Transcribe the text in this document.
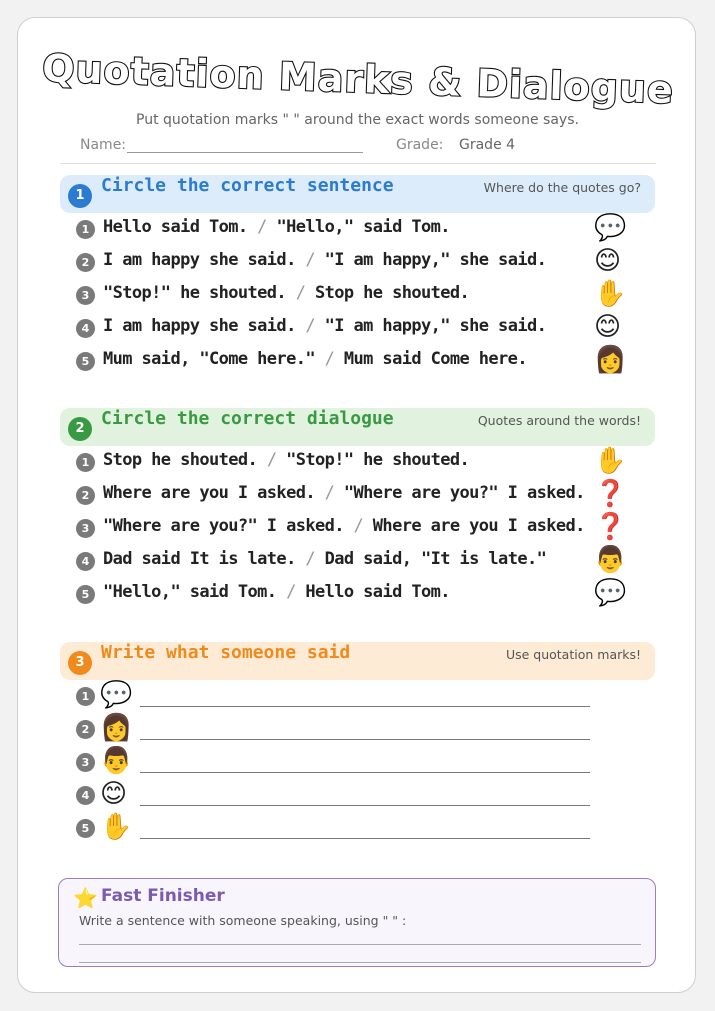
Quotation Marks & Dialogue
Put quotation marks " " around the exact words someone says.
Name:	Grade: Grade 4
1 Circle the correct sentence	Where do the quotes go?
1 Hello said Tom. / "Hello," said Tom.	💬
2 I am happy she said. / "I am happy," she said. 😊
3 "Stop!" he shouted. / Stop he shouted.	✋
4 I am happy she said. / "I am happy," she said. 😊
5 Mum said, "Come here." / Mum said Come here.	👩
2 Circle the correct dialogue	Quotes around the words!
1 Stop he shouted. / "Stop!" he shouted.	✋
2 Where are you I asked. / "Where are you?" I asked. ❓
3 "Where are you?" I asked. / Where are you I asked. ❓
4 Dad said It is late. / Dad said, "It is late." 👨
5 "Hello," said Tom. / Hello said Tom.	💬
3 Write what someone said	Use quotation marks!
1 💬
2 👩
3 👨
4 😊
5 ✋
⭐ Fast Finisher
Write a sentence with someone speaking, using " " :
